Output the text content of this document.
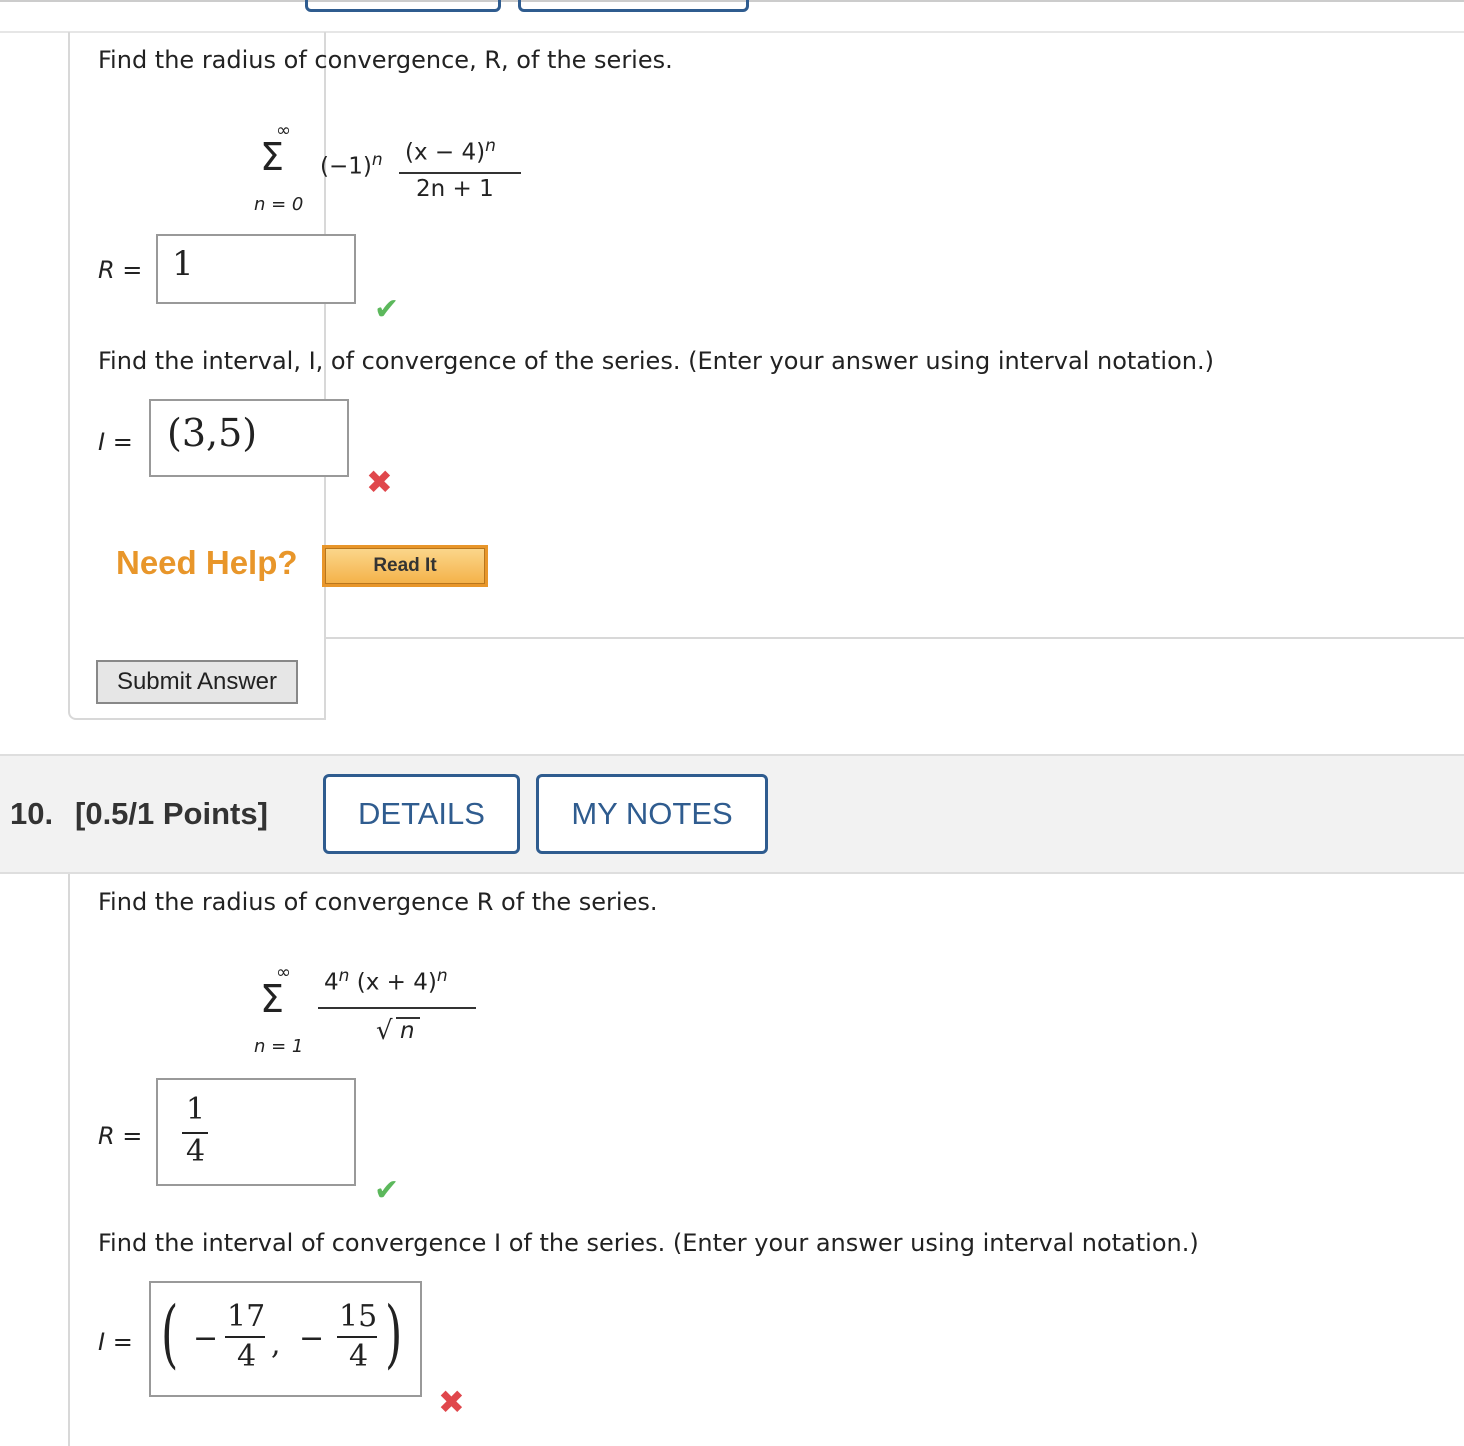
Find the radius of convergence, R, of the series.
∞
Σ
n = 0
$(-1)^n$ $(x - 4)^n$
2n + 1
R = 1
✔
Find the interval, I, of convergence of the series. (Enter your answer using interval notation.)
I = (3,5)
✖
Need Help?	Read It
Submit Answer
10. [0.5/1 Points]	DETAILS	MY NOTES
Find the radius of convergence R of the series.
∞
Σ
n = 1
4$^n$ $(x + 4)^n$
√ n
R =
1
4
✔
Find the interval of convergence I of the series. (Enter your answer using interval notation.)
I = ( −
17
4 , −
15
4 )
✖
